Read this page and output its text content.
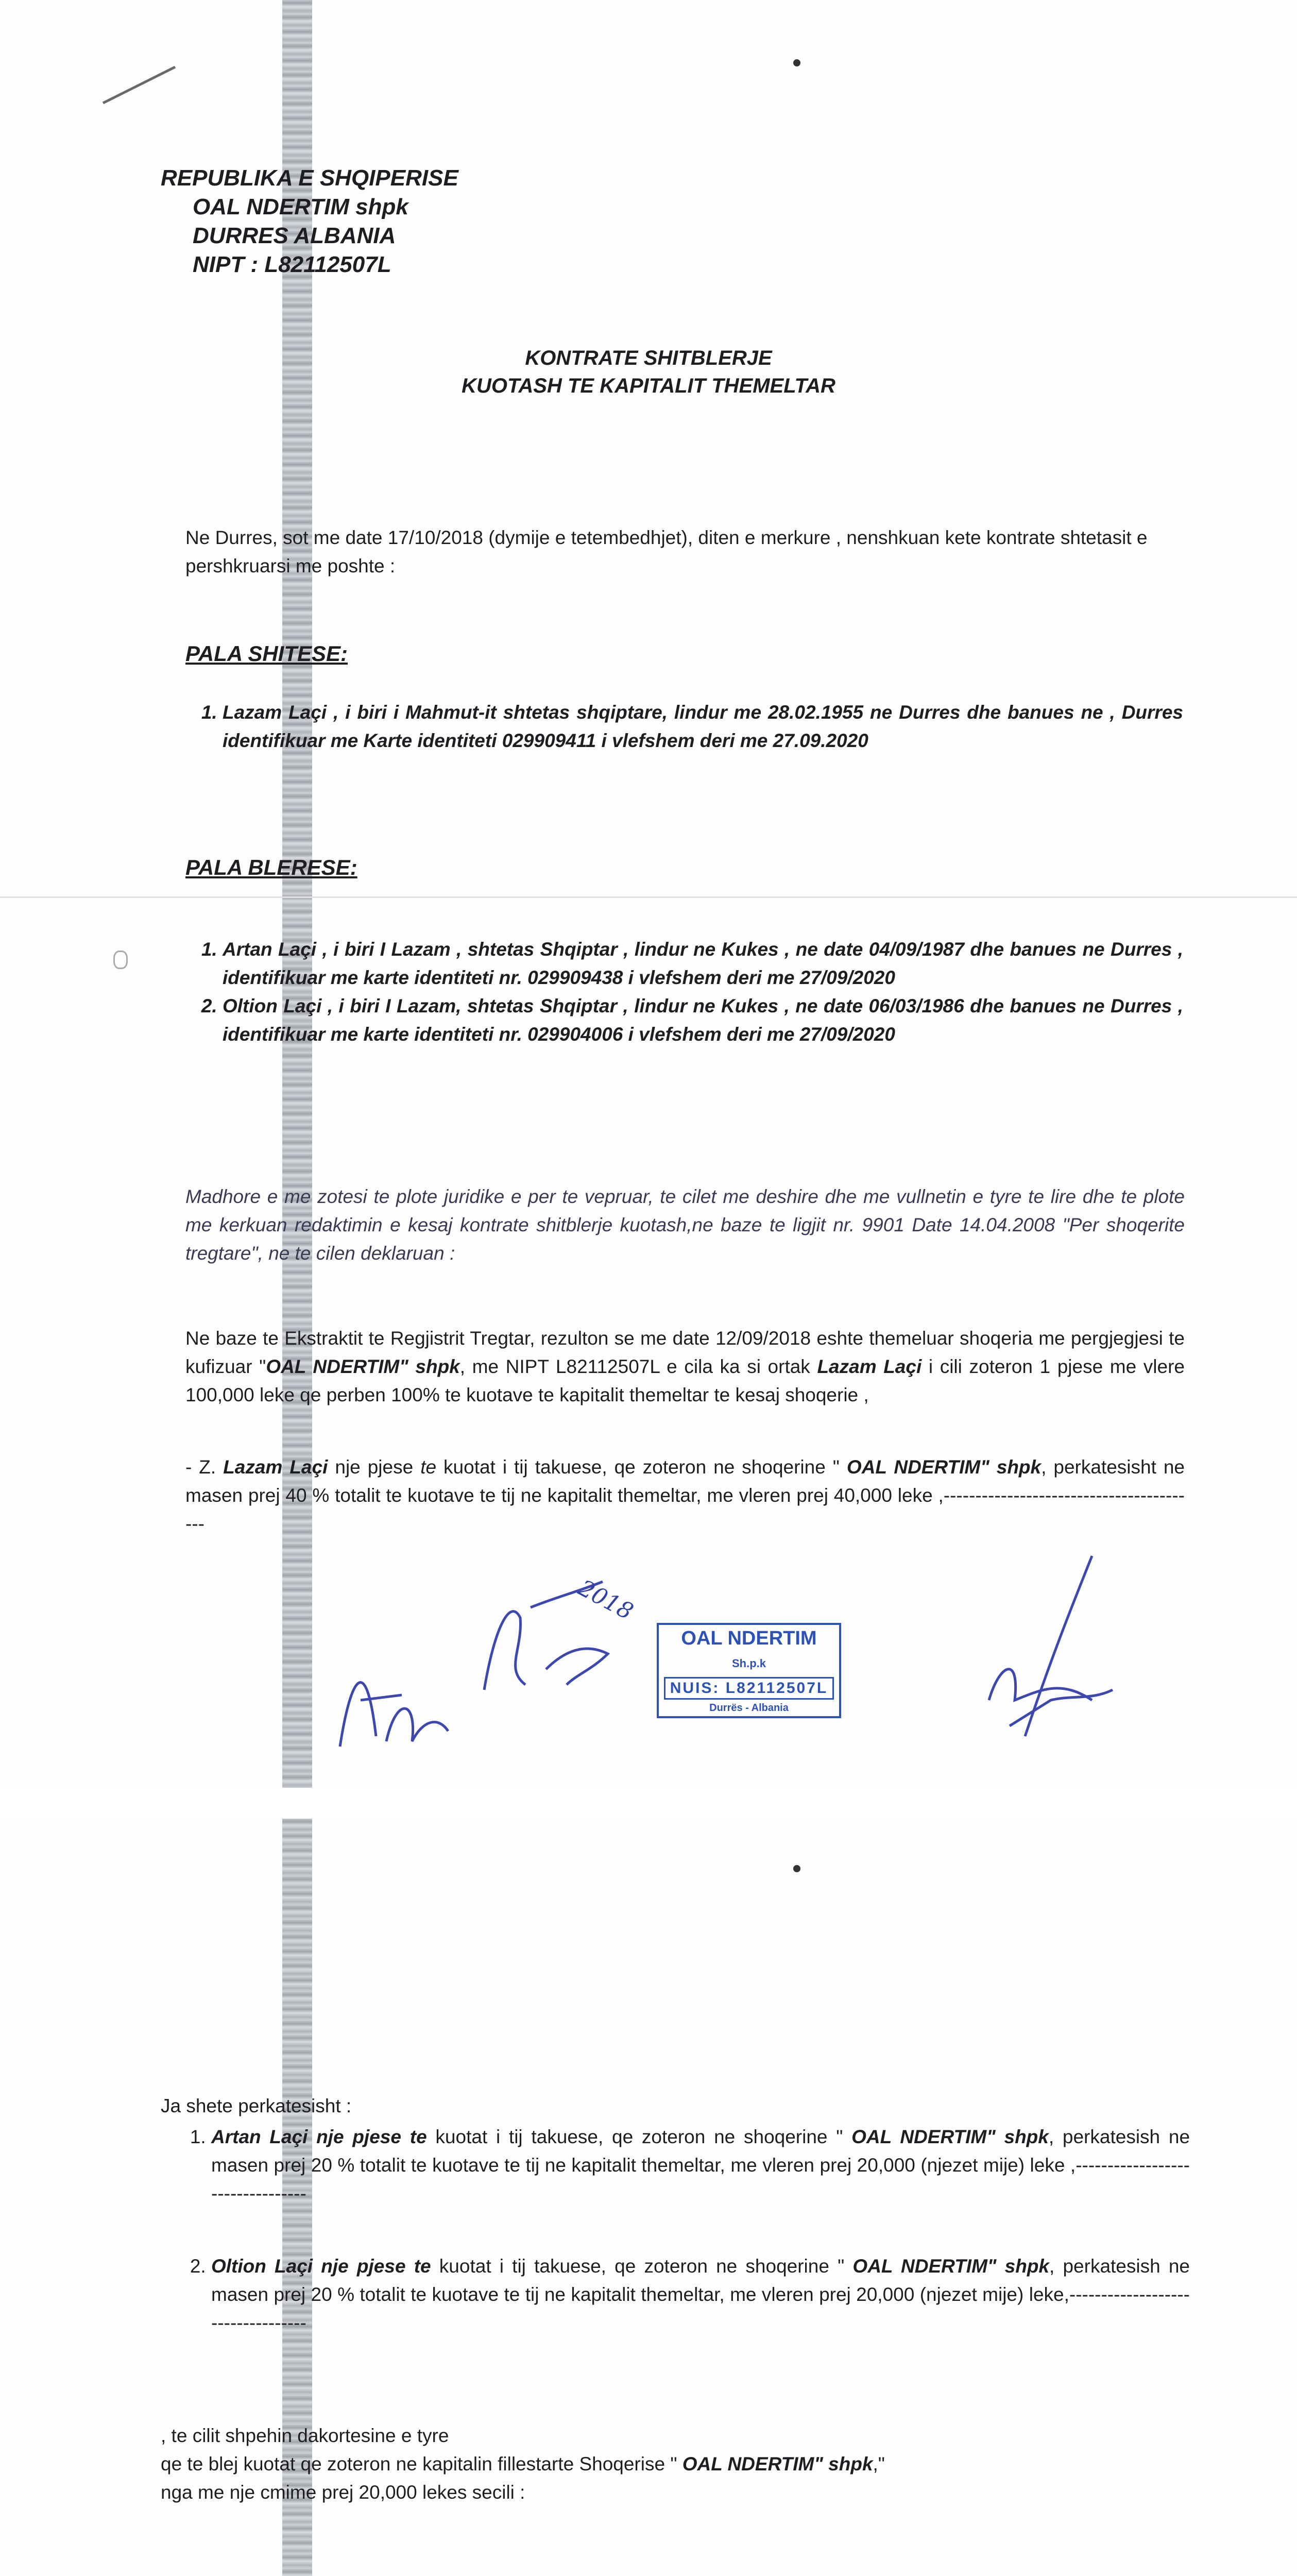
REPUBLIKA E SHQIPERISE
OAL NDERTIM shpk
DURRES ALBANIA
NIPT : L82112507L
KONTRATE SHITBLERJE
KUOTASH TE KAPITALIT THEMELTAR
Ne Durres, sot me date 17/10/2018 (dymije e tetembedhjet), diten e merkure , nenshkuan kete kontrate shtetasit e pershkruarsi me poshte :
PALA SHITESE:
1. Lazam Laçi , i biri i Mahmut-it shtetas shqiptare, lindur me 28.02.1955 ne Durres dhe banues ne , Durres identifikuar me Karte identiteti 029909411 i vlefshem deri me 27.09.2020
PALA BLERESE:
1. Artan Laçi , i biri I Lazam , shtetas Shqiptar , lindur ne Kukes , ne date 04/09/1987 dhe banues ne Durres , identifikuar me karte identiteti nr. 029909438 i vlefshem deri me 27/09/2020
2. Oltion Laçi , i biri I Lazam, shtetas Shqiptar , lindur ne Kukes , ne date 06/03/1986 dhe banues ne Durres , identifikuar me karte identiteti nr. 029904006 i vlefshem deri me 27/09/2020
Madhore e me zotesi te plote juridike e per te vepruar, te cilet me deshire dhe me vullnetin e tyre te lire dhe te plote me kerkuan redaktimin e kesaj kontrate shitblerje kuotash,ne baze te ligjit nr. 9901 Date 14.04.2008 "Per shoqerite tregtare", ne te cilen deklaruan :
Ne baze te Ekstraktit te Regjistrit Tregtar, rezulton se me date 12/09/2018 eshte themeluar shoqeria me pergjegjesi te kufizuar "OAL NDERTIM" shpk, me NIPT L82112507L e cila ka si ortak Lazam Laçi i cili zoteron 1 pjese me vlere 100,000 leke qe perben 100% te kuotave te kapitalit themeltar te kesaj shoqerie ,
- Z. Lazam Laçi nje pjese te kuotat i tij takuese, qe zoteron ne shoqerine " OAL NDERTIM" shpk, perkatesisht ne masen prej 40 % totalit te kuotave te tij ne kapitalit themeltar, me vleren prej 40,000 leke ,-----------------------------------------
2018
OAL NDERTIM Sh.p.k
NUIS: L82112507L
Durrës - Albania
Ja shete perkatesisht :
1. Artan Laçi nje pjese te kuotat i tij takuese, qe zoteron ne shoqerine " OAL NDERTIM" shpk, perkatesish ne masen prej 20 % totalit te kuotave te tij ne kapitalit themeltar, me vleren prej 20,000 (njezet mije) leke ,---------------------------------
2. Oltion Laçi nje pjese te kuotat i tij takuese, qe zoteron ne shoqerine " OAL NDERTIM" shpk, perkatesish ne masen prej 20 % totalit te kuotave te tij ne kapitalit themeltar, me vleren prej 20,000 (njezet mije) leke,----------------------------------
, te cilit shpehin dakortesine e tyre
qe te blej kuotat qe zoteron ne kapitalin fillestarte Shoqerise " OAL NDERTIM" shpk,"
nga me nje cmime prej 20,000 lekes secili :
